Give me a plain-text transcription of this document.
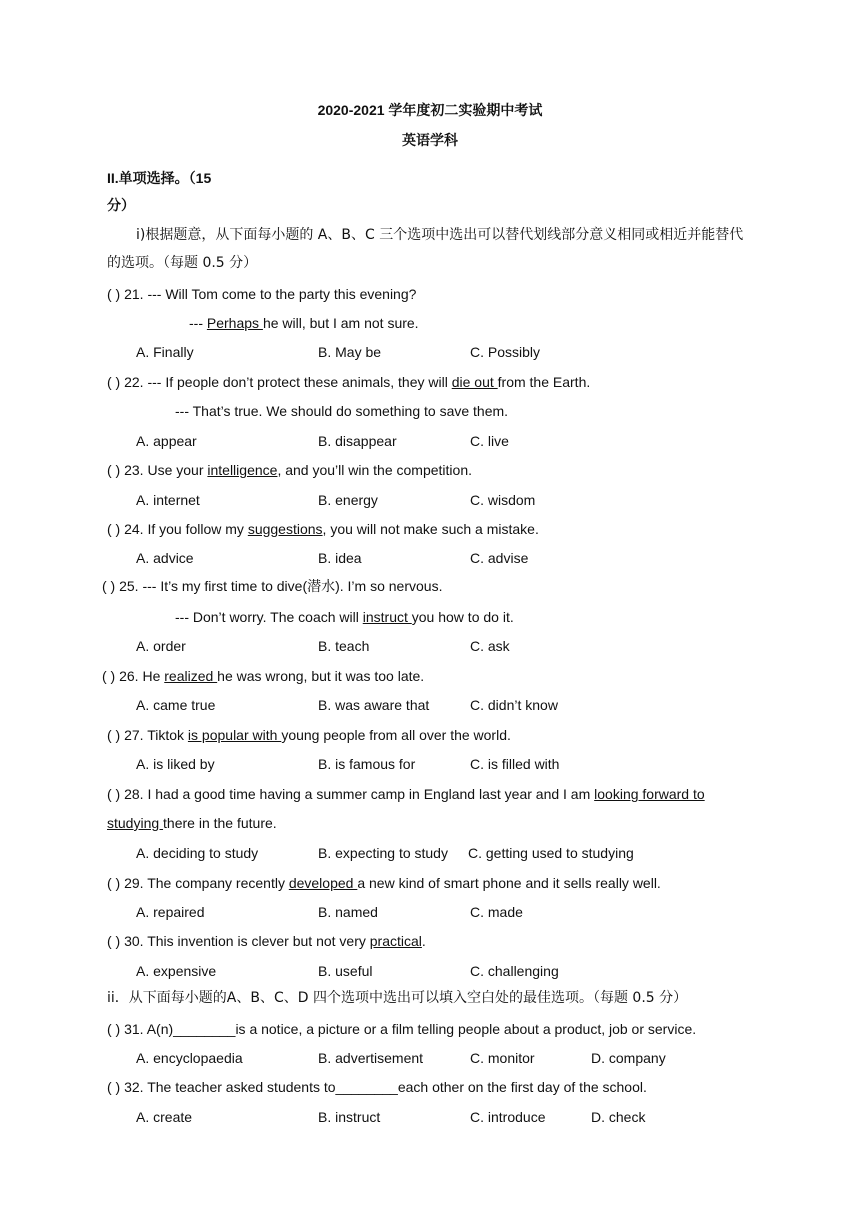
2020-2021 学年度初二实验期中考试
英语学科
II.单项选择。（15
分）
i)根据题意，从下面每小题的 A、B、C 三个选项中选出可以替代划线部分意义相同或相近并能替代
的选项。（每题 0.5 分）
( ) 21. --- Will Tom come to the party this evening?
--- Perhaps he will, but I am not sure.
A. Finally	B. May be	C. Possibly
( ) 22. --- If people don’t protect these animals, they will die out from the Earth.
--- That’s true. We should do something to save them.
A. appear	B. disappear	C. live
( ) 23. Use your intelligence, and you’ll win the competition.
A. internet	B. energy	C. wisdom
( ) 24. If you follow my suggestions, you will not make such a mistake.
A. advice	B. idea	C. advise
( ) 25. --- It’s my first time to dive(潜水). I’m so nervous.
--- Don’t worry. The coach will instruct you how to do it.
A. order	B. teach	C. ask
( ) 26. He realized he was wrong, but it was too late.
A. came true	B. was aware that	C. didn’t know
( ) 27. Tiktok is popular with young people from all over the world.
A. is liked by	B. is famous for	C. is filled with
( ) 28. I had a good time having a summer camp in England last year and I am looking forward to
studying there in the future.
A. deciding to study	B. expecting to study C. getting used to studying
( ) 29. The company recently developed a new kind of smart phone and it sells really well.
A. repaired	B. named	C. made
( ) 30. This invention is clever but not very practical.
A. expensive	B. useful	C. challenging
ii．从下面每小题的A、B、C、D 四个选项中选出可以填入空白处的最佳选项。（每题 0.5 分）
( ) 31. A(n)________is a notice, a picture or a film telling people about a product, job or service.
A. encyclopaedia	B. advertisement	C. monitor	D. company
( ) 32. The teacher asked students to________each other on the first day of the school.
A. create	B. instruct	C. introduce	D. check
